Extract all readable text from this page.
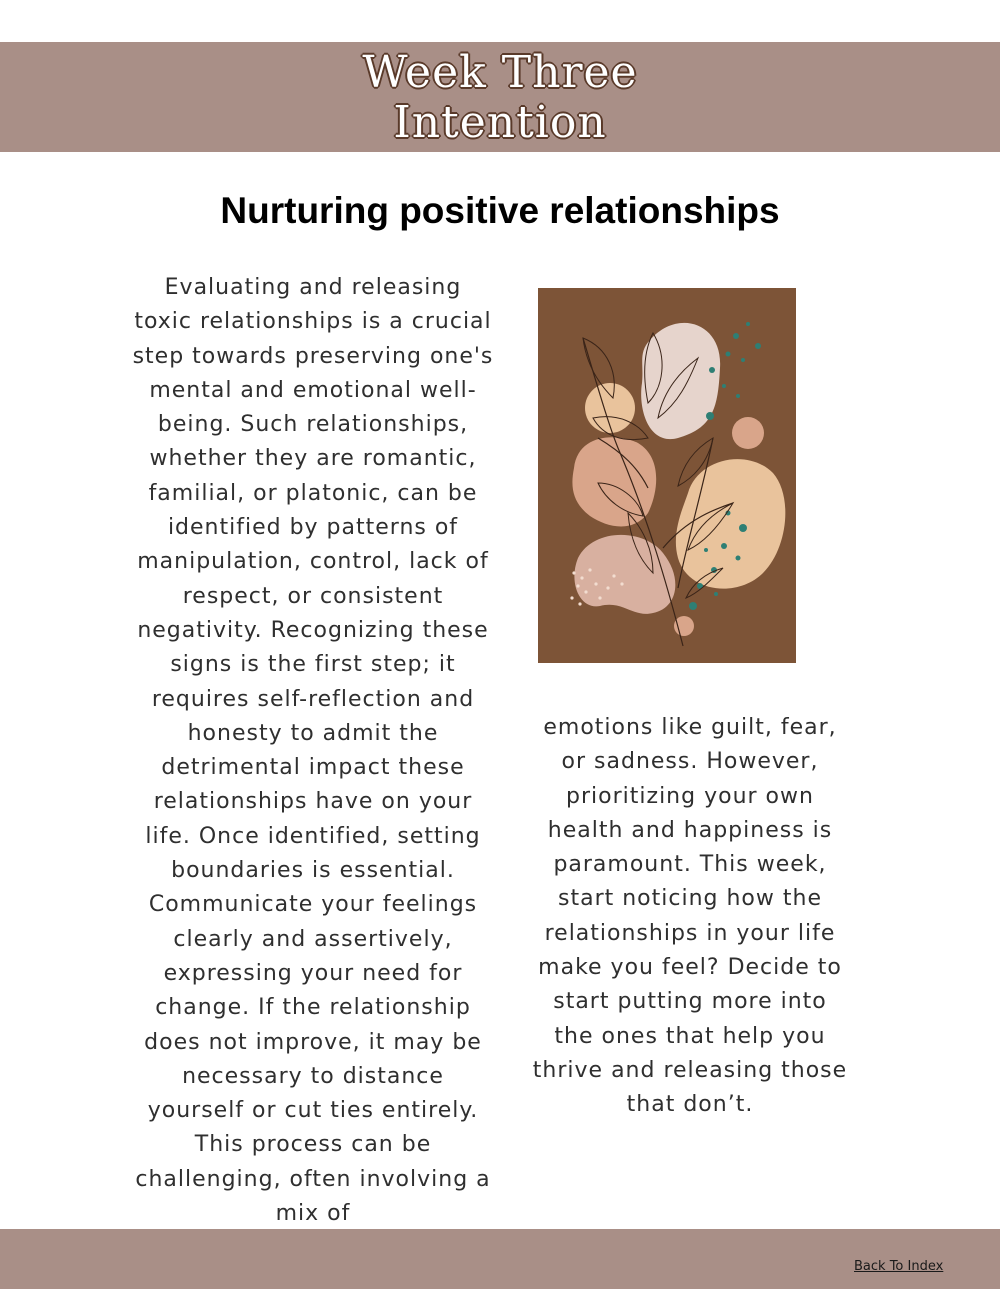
Week Three
Intention
Nurturing positive relationships

Evaluating and releasing toxic relationships is a crucial step towards preserving one's mental and emotional well-being. Such relationships, whether they are romantic, familial, or platonic, can be identified by patterns of manipulation, control, lack of respect, or consistent negativity. Recognizing these signs is the first step; it requires self-reflection and honesty to admit the detrimental impact these relationships have on your life. Once identified, setting boundaries is essential. Communicate your feelings clearly and assertively, expressing your need for change. If the relationship does not improve, it may be necessary to distance yourself or cut ties entirely. This process can be challenging, often involving a mix of

emotions like guilt, fear, or sadness. However, prioritizing your own health and happiness is paramount. This week, start noticing how the relationships in your life make you feel? Decide to start putting more into the ones that help you thrive and releasing those that don’t.

Back To Index
